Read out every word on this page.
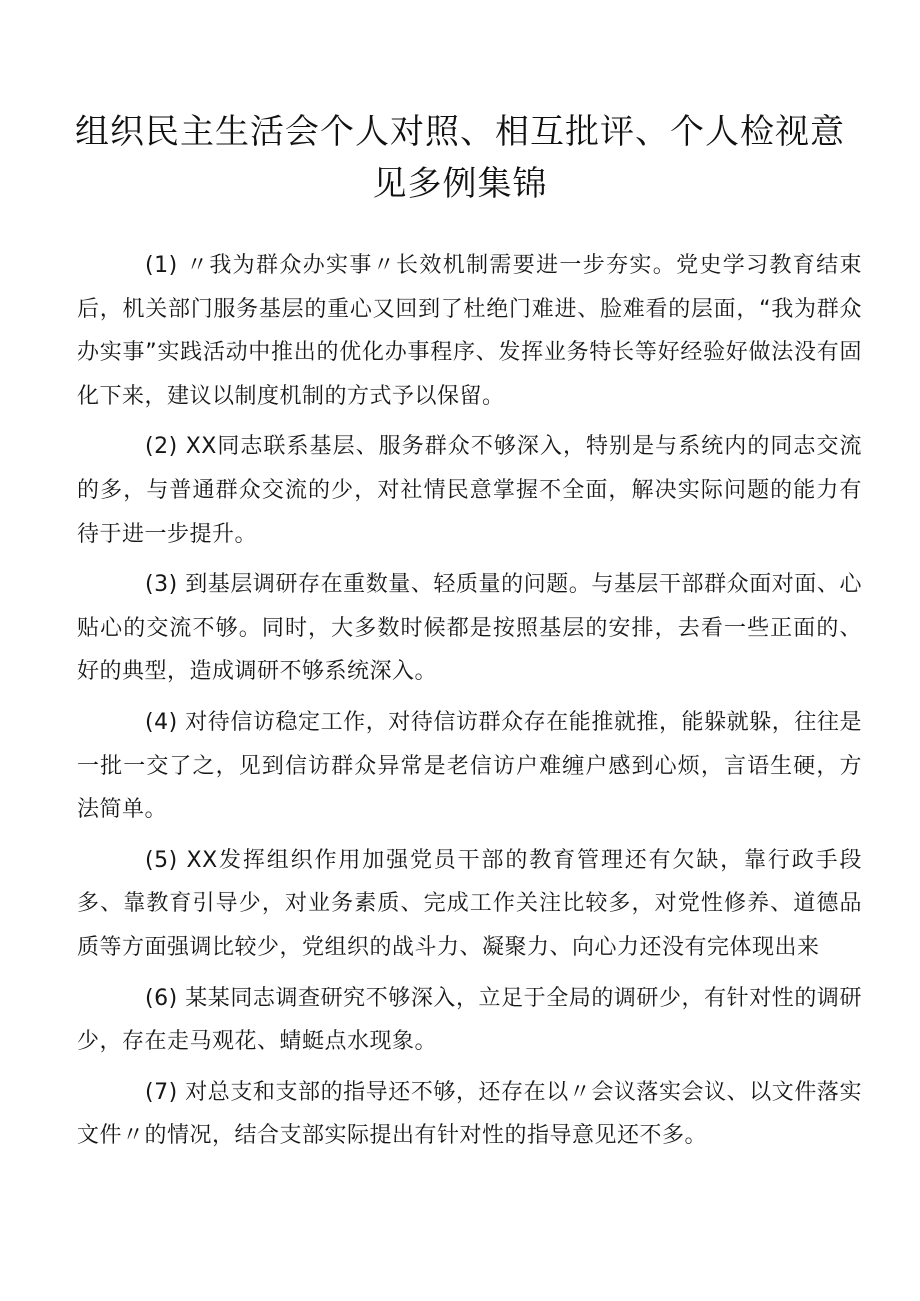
组织民主生活会个人对照、相互批评、个人检视意
见多例集锦

(1) 〃我为群众办实事〃长效机制需要进一步夯实。党史学习教育结束后，机关部门服务基层的重心又回到了杜绝门难进、脸难看的层面，“我为群众办实事”实践活动中推出的优化办事程序、发挥业务特长等好经验好做法没有固化下来，建议以制度机制的方式予以保留。

(2) XX同志联系基层、服务群众不够深入，特别是与系统内的同志交流的多，与普通群众交流的少，对社情民意掌握不全面，解决实际问题的能力有待于进一步提升。

(3) 到基层调研存在重数量、轻质量的问题。与基层干部群众面对面、心贴心的交流不够。同时，大多数时候都是按照基层的安排，去看一些正面的、好的典型，造成调研不够系统深入。

(4) 对待信访稳定工作，对待信访群众存在能推就推，能躲就躲，往往是一批一交了之，见到信访群众异常是老信访户难缠户感到心烦，言语生硬，方法简单。

(5) XX发挥组织作用加强党员干部的教育管理还有欠缺，靠行政手段多、靠教育引导少，对业务素质、完成工作关注比较多，对党性修养、道德品质等方面强调比较少，党组织的战斗力、凝聚力、向心力还没有完体现出来

(6) 某某同志调查研究不够深入，立足于全局的调研少，有针对性的调研少，存在走马观花、蜻蜓点水现象。

(7) 对总支和支部的指导还不够，还存在以〃会议落实会议、以文件落实文件〃的情况，结合支部实际提出有针对性的指导意见还不多。
